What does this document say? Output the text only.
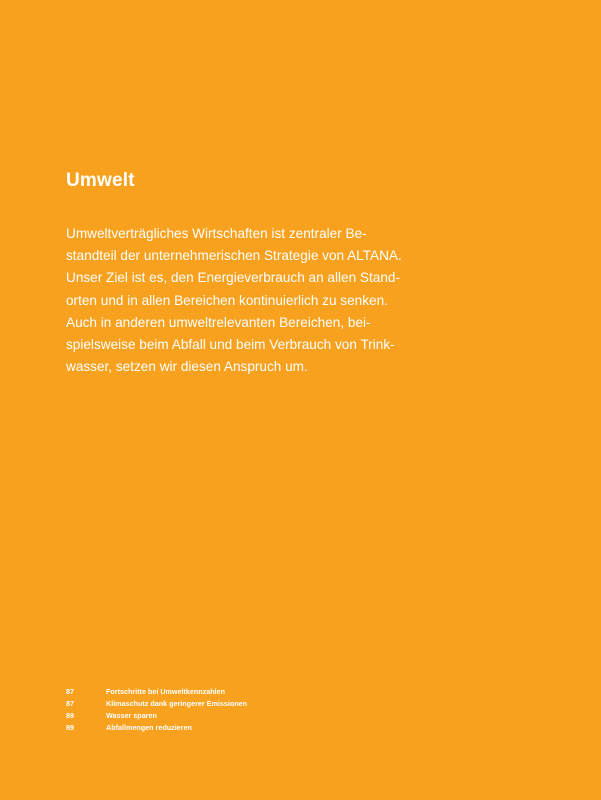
Umwelt

Umweltverträgliches Wirtschaften ist zentraler Be-
standteil der unternehmerischen Strategie von ALTANA.
Unser Ziel ist es, den Energieverbrauch an allen Stand-
orten und in allen Bereichen kontinuierlich zu senken.
Auch in anderen umweltrelevanten Bereichen, bei-
spielsweise beim Abfall und beim Verbrauch von Trink-
wasser, setzen wir diesen Anspruch um.

87	Fortschritte bei Umweltkennzahlen
87	Klimaschutz dank geringerer Emissionen
89	Wasser sparen
89	Abfallmengen reduzieren
